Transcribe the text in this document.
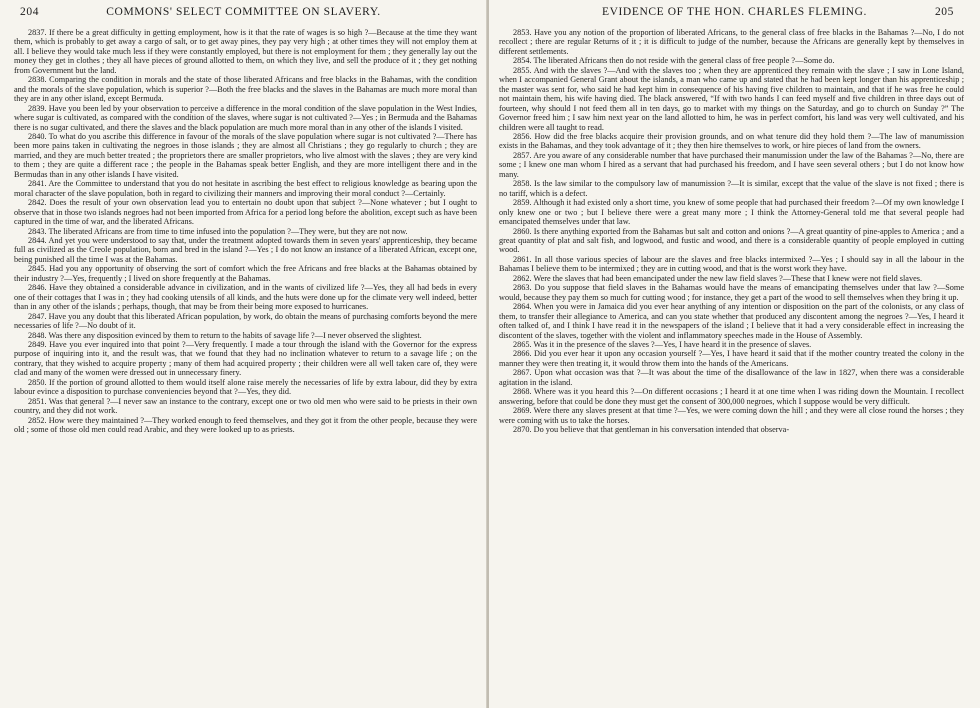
204	COMMONS' SELECT COMMITTEE ON SLAVERY.

2837. If there be a great difficulty in getting employment, how is it that the rate of wages is so high ?—Because at the time they want them, which is probably to get away a cargo of salt, or to get away pines, they pay very high ; at other times they will not employ them at all. I believe they would take much less if they were constantly employed, but there is not employment for them ; they generally lay out the money they get in clothes ; they all have pieces of ground allotted to them, on which they live, and sell the produce of it ; they get nothing from Government but the land.

2838. Comparing the condition in morals and the state of those liberated Africans and free blacks in the Bahamas, with the condition and the morals of the slave population, which is superior ?—Both the free blacks and the slaves in the Bahamas are much more moral than they are in any other island, except Bermuda.

2839. Have you been led by your observation to perceive a difference in the moral condition of the slave population in the West Indies, where sugar is cultivated, as compared with the condition of the slaves, where sugar is not cultivated ?—Yes ; in Bermuda and the Bahamas there is no sugar cultivated, and there the slaves and the black population are much more moral than in any other of the islands I visited.

2840. To what do you ascribe this difference in favour of the morals of the slave population where sugar is not cultivated ?—There has been more pains taken in cultivating the negroes in those islands ; they are almost all Christians ; they go regularly to church ; they are married, and they are much better treated ; the proprietors there are smaller proprietors, who live almost with the slaves ; they are very kind to them ; they are quite a different race ; the people in the Bahamas speak better English, and they are more intelligent there and in the Bermudas than in any other islands I have visited.

2841. Are the Committee to understand that you do not hesitate in ascribing the best effect to religious knowledge as bearing upon the moral character of the slave population, both in regard to civilizing their manners and improving their moral conduct ?—Certainly.

2842. Does the result of your own observation lead you to entertain no doubt upon that subject ?—None whatever ; but I ought to observe that in those two islands negroes had not been imported from Africa for a period long before the abolition, except such as have been captured in the time of war, and the liberated Africans.

2843. The liberated Africans are from time to time infused into the population ?—They were, but they are not now.

2844. And yet you were understood to say that, under the treatment adopted towards them in seven years' apprenticeship, they became full as civilized as the Creole population, born and bred in the island ?—Yes ; I do not know an instance of a liberated African, except one, being punished all the time I was at the Bahamas.

2845. Had you any opportunity of observing the sort of comfort which the free Africans and free blacks at the Bahamas obtained by their industry ?—Yes, frequently ; I lived on shore frequently at the Bahamas.

2846. Have they obtained a considerable advance in civilization, and in the wants of civilized life ?—Yes, they all had beds in every one of their cottages that I was in ; they had cooking utensils of all kinds, and the huts were done up for the climate very well indeed, better than in any other of the islands ; perhaps, though, that may be from their being more exposed to hurricanes.

2847. Have you any doubt that this liberated African population, by work, do obtain the means of purchasing comforts beyond the mere necessaries of life ?—No doubt of it.

2848. Was there any disposition evinced by them to return to the habits of savage life ?—I never observed the slightest.

2849. Have you ever inquired into that point ?—Very frequently. I made a tour through the island with the Governor for the express purpose of inquiring into it, and the result was, that we found that they had no inclination whatever to return to a savage life ; on the contrary, that they wished to acquire property ; many of them had acquired property ; their children were all well taken care of, they were clad and many of the women were dressed out in unnecessary finery.

2850. If the portion of ground allotted to them would itself alone raise merely the necessaries of life by extra labour, did they by extra labour evince a disposition to purchase conveniencies beyond that ?—Yes, they did.

2851. Was that general ?—I never saw an instance to the contrary, except one or two old men who were said to be priests in their own country, and they did not work.

2852. How were they maintained ?—They worked enough to feed themselves, and they got it from the other people, because they were old ; some of those old men could read Arabic, and they were looked up to as priests.

EVIDENCE OF THE HON. CHARLES FLEMING.	205

2853. Have you any notion of the proportion of liberated Africans, to the general class of free blacks in the Bahamas ?—No, I do not recollect ; there are regular Returns of it ; it is difficult to judge of the number, because the Africans are generally kept by themselves in different settlements.

2854. The liberated Africans then do not reside with the general class of free people ?—Some do.

2855. And with the slaves ?—And with the slaves too ; when they are apprenticed they remain with the slave ; I saw in Lone Island, when I accompanied General Grant about the islands, a man who came up and stated that he had been kept longer than his apprenticeship ; the master was sent for, who said he had kept him in consequence of his having five children to maintain, and that if he was free he could not maintain them, his wife having died. The black answered, “If with two hands I can feed myself and five children in three days out of fourteen, why should I not feed them all in ten days, go to market with my things on the Saturday, and go to church on Sunday ?” The Governor freed him ; I saw him next year on the land allotted to him, he was in perfect comfort, his land was very well cultivated, and his children were all taught to read.

2856. How did the free blacks acquire their provision grounds, and on what tenure did they hold them ?—The law of manumission exists in the Bahamas, and they took advantage of it ; they then hire themselves to work, or hire pieces of land from the owners.

2857. Are you aware of any considerable number that have purchased their manumission under the law of the Bahamas ?—No, there are some ; I knew one man whom I hired as a servant that had purchased his freedom, and I have seen several others ; but I do not know how many.

2858. Is the law similar to the compulsory law of manumission ?—It is similar, except that the value of the slave is not fixed ; there is no tariff, which is a defect.

2859. Although it had existed only a short time, you knew of some people that had purchased their freedom ?—Of my own knowledge I only knew one or two ; but I believe there were a great many more ; I think the Attorney-General told me that several people had emancipated themselves under that law.

2860. Is there anything exported from the Bahamas but salt and cotton and onions ?—A great quantity of pine-apples to America ; and a great quantity of plat and salt fish, and logwood, and fustic and wood, and there is a considerable quantity of people employed in cutting wood.

2861. In all those various species of labour are the slaves and free blacks intermixed ?—Yes ; I should say in all the labour in the Bahamas I believe them to be intermixed ; they are in cutting wood, and that is the worst work they have.

2862. Were the slaves that had been emancipated under the new law field slaves ?—These that I knew were not field slaves.

2863. Do you suppose that field slaves in the Bahamas would have the means of emancipating themselves under that law ?—Some would, because they pay them so much for cutting wood ; for instance, they get a part of the wood to sell themselves when they bring it up.

2864. When you were in Jamaica did you ever hear anything of any intention or disposition on the part of the colonists, or any class of them, to transfer their allegiance to America, and can you state whether that produced any discontent among the negroes ?—Yes, I heard it often talked of, and I think I have read it in the newspapers of the island ; I believe that it had a very considerable effect in increasing the discontent of the slaves, together with the violent and inflammatory speeches made in the House of Assembly.

2865. Was it in the presence of the slaves ?—Yes, I have heard it in the presence of slaves.

2866. Did you ever hear it upon any occasion yourself ?—Yes, I have heard it said that if the mother country treated the colony in the manner they were then treating it, it would throw them into the hands of the Americans.

2867. Upon what occasion was that ?—It was about the time of the disallowance of the law in 1827, when there was a considerable agitation in the island.

2868. Where was it you heard this ?—On different occasions ; I heard it at one time when I was riding down the Mountain. I recollect answering, before that could be done they must get the consent of 300,000 negroes, which I suppose would be very difficult.

2869. Were there any slaves present at that time ?—Yes, we were coming down the hill ; and they were all close round the horses ; they were coming with us to take the horses.

2870. Do you believe that that gentleman in his conversation intended that observa-
